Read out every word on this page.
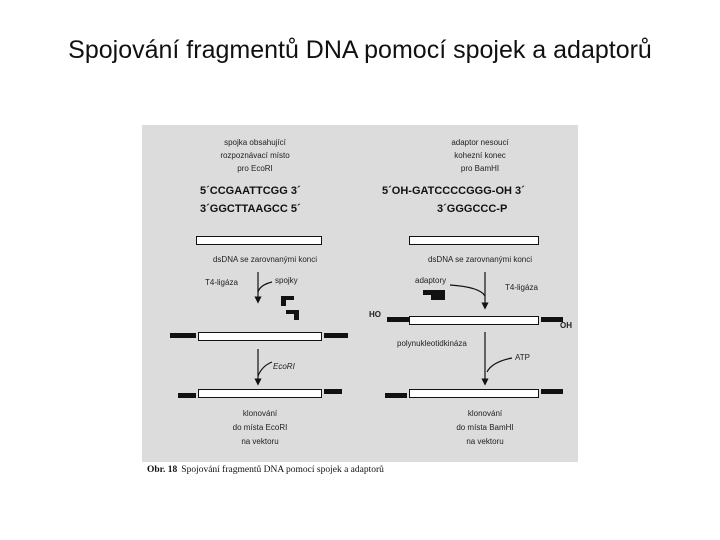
Spojování fragmentů DNA pomocí spojek a adaptorů
spojka obsahující
rozpoznávací místo
pro EcoRI
5´CCGAATTCGG 3´
3´GGCTTAAGCC 5´
dsDNA se zarovnanými konci
T4-ligáza	spojky
EcoRI
klonování
do místa EcoRI
na vektoru
adaptor nesoucí
kohezní konec
pro BamHI
5´OH-GATCCCCGGG-OH 3´
3´GGGCCC-P
dsDNA se zarovnanými konci
adaptory
T4-ligáza
HO
OH
polynukleotidkináza
ATP
klonování
do místa BamHI
na vektoru
Obr. 18 Spojování fragmentů DNA pomocí spojek a adaptorů
